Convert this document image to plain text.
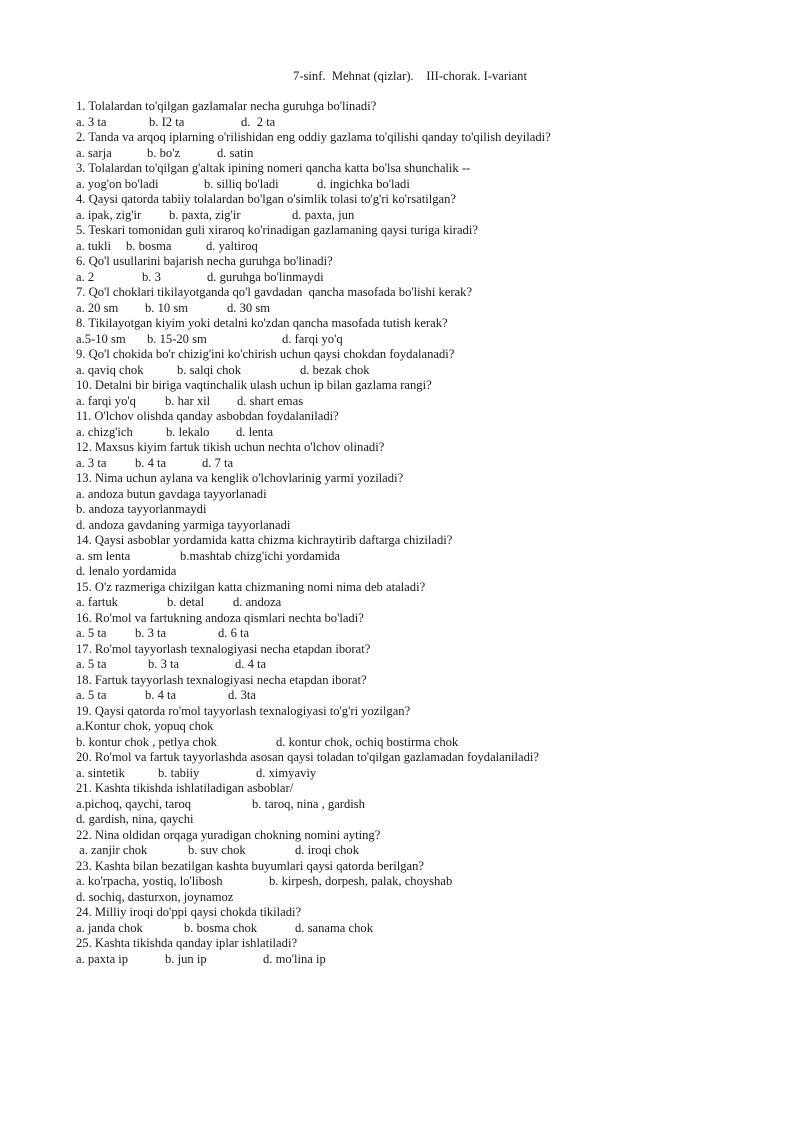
7-sinf.  Mehnat (qizlar).    III-chorak. I-variant
1. Tolalardan to'qilgan gazlamalar necha guruhga bo'linadi?
a. 3 ta	b. I2 ta	d.  2 ta
2. Tanda va arqoq iplarning o'rilishidan eng oddiy gazlama to'qilishi qanday to'qilish deyiladi?
a. sarja	b. bo'z	d. satin
3. Tolalardan to'qilgan g'altak ipining nomeri qancha katta bo'lsa shunchalik --
a. yog'on bo'ladi	b. silliq bo'ladi	d. ingichka bo'ladi
4. Qaysi qatorda tabiiy tolalardan bo'lgan o'simlik tolasi to'g'ri ko'rsatilgan?
a. ipak, zig'ir b. paxta, zig'ir	d. paxta, jun
5. Teskari tomonidan guli xiraroq ko'rinadigan gazlamaning qaysi turiga kiradi?
a. tukli b. bosma	d. yaltiroq
6. Qo'l usullarini bajarish necha guruhga bo'linadi?
a. 2	b. 3	d. guruhga bo'linmaydi
7. Qo'l choklari tikilayotganda qo'l gavdadan  qancha masofada bo'lishi kerak?
a. 20 sm b. 10 sm	d. 30 sm
8. Tikilayotgan kiyim yoki detalni ko'zdan qancha masofada tutish kerak?
a.5-10 sm b. 15-20 sm	d. farqi yo'q
9. Qo'l chokida bo'r chizig'ini ko'chirish uchun qaysi chokdan foydalanadi?
a. qaviq chok	b. salqi chok	d. bezak chok
10. Detalni bir biriga vaqtinchalik ulash uchun ip bilan gazlama rangi?
a. farqi yo'q b. har xil d. shart emas
11. O'lchov olishda qanday asbobdan foydalaniladi?
a. chizg'ich	b. lekalo d. lenta
12. Maxsus kiyim fartuk tikish uchun nechta o'lchov olinadi?
a. 3 ta b. 4 ta	d. 7 ta
13. Nima uchun aylana va kenglik o'lchovlarinig yarmi yoziladi?
a. andoza butun gavdaga tayyorlanadi
b. andoza tayyorlanmaydi
d. andoza gavdaning yarmiga tayyorlanadi
14. Qaysi asboblar yordamida katta chizma kichraytirib daftarga chiziladi?
a. sm lenta	b.mashtab chizg'ichi yordamida
d. lenalo yordamida
15. O'z razmeriga chizilgan katta chizmaning nomi nima deb ataladi?
a. fartuk	b. detal d. andoza
16. Ro'mol va fartukning andoza qismlari nechta bo'ladi?
a. 5 ta b. 3 ta	d. 6 ta
17. Ro'mol tayyorlash texnalogiyasi necha etapdan iborat?
a. 5 ta	b. 3 ta	d. 4 ta
18. Fartuk tayyorlash texnalogiyasi necha etapdan iborat?
a. 5 ta	b. 4 ta	d. 3ta
19. Qaysi qatorda ro'mol tayyorlash texnalogiyasi to'g'ri yozilgan?
a.Kontur chok, yopuq chok
b. kontur chok , petlya chok	d. kontur chok, ochiq bostirma chok
20. Ro'mol va fartuk tayyorlashda asosan qaysi toladan to'qilgan gazlamadan foydalaniladi?
a. sintetik	b. tabiiy	d. ximyaviy
21. Kashta tikishda ishlatiladigan asboblar/
a.pichoq, qaychi, taroq	b. taroq, nina , gardish
d. gardish, nina, qaychi
22. Nina oldidan orqaga yuradigan chokning nomini ayting?
a. zanjir chok	b. suv chok	d. iroqi chok
23. Kashta bilan bezatilgan kashta buyumlari qaysi qatorda berilgan?
a. ko'rpacha, yostiq, lo'libosh	b. kirpesh, dorpesh, palak, choyshab
d. sochiq, dasturxon, joynamoz
24. Milliy iroqi do'ppi qaysi chokda tikiladi?
a. janda chok	b. bosma chok	d. sanama chok
25. Kashta tikishda qanday iplar ishlatiladi?
a. paxta ip	b. jun ip	d. mo'lina ip
